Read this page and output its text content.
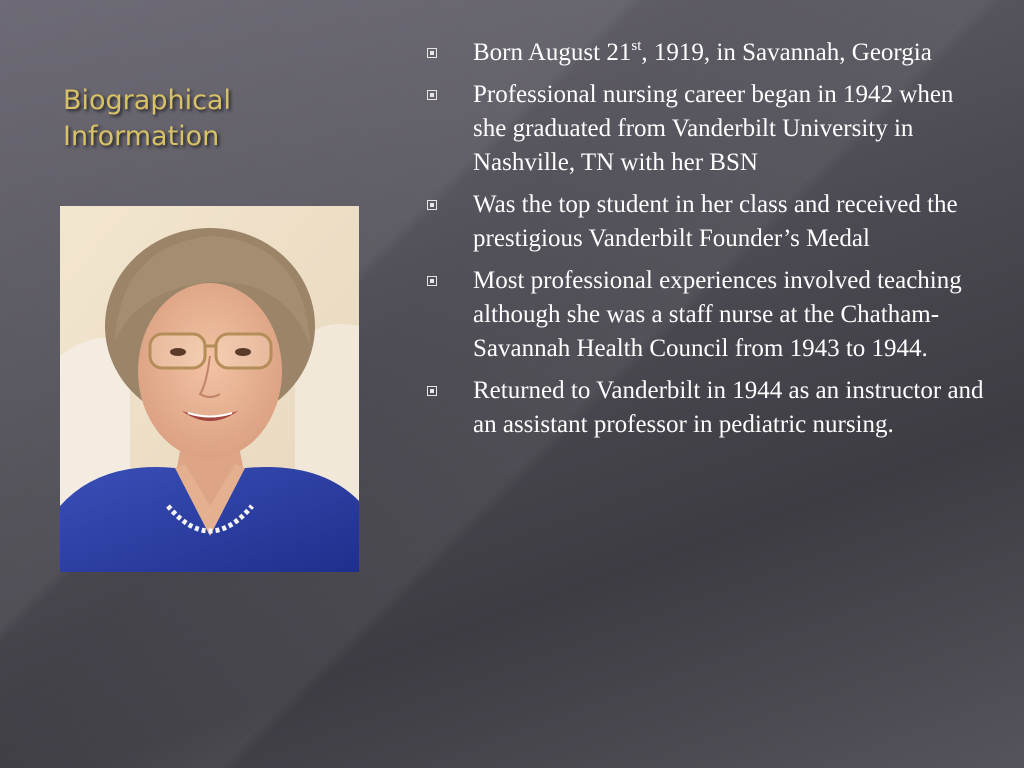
Biographical
Information
Born August 21st, 1919, in Savannah, Georgia
Professional nursing career began in 1942 when she graduated from Vanderbilt University in Nashville, TN with her BSN
Was the top student in her class and received the prestigious Vanderbilt Founder’s Medal
Most professional experiences involved teaching although she was a staff nurse at the Chatham-Savannah Health Council from 1943 to 1944.
Returned to Vanderbilt in 1944 as an instructor and an assistant professor in pediatric nursing.
